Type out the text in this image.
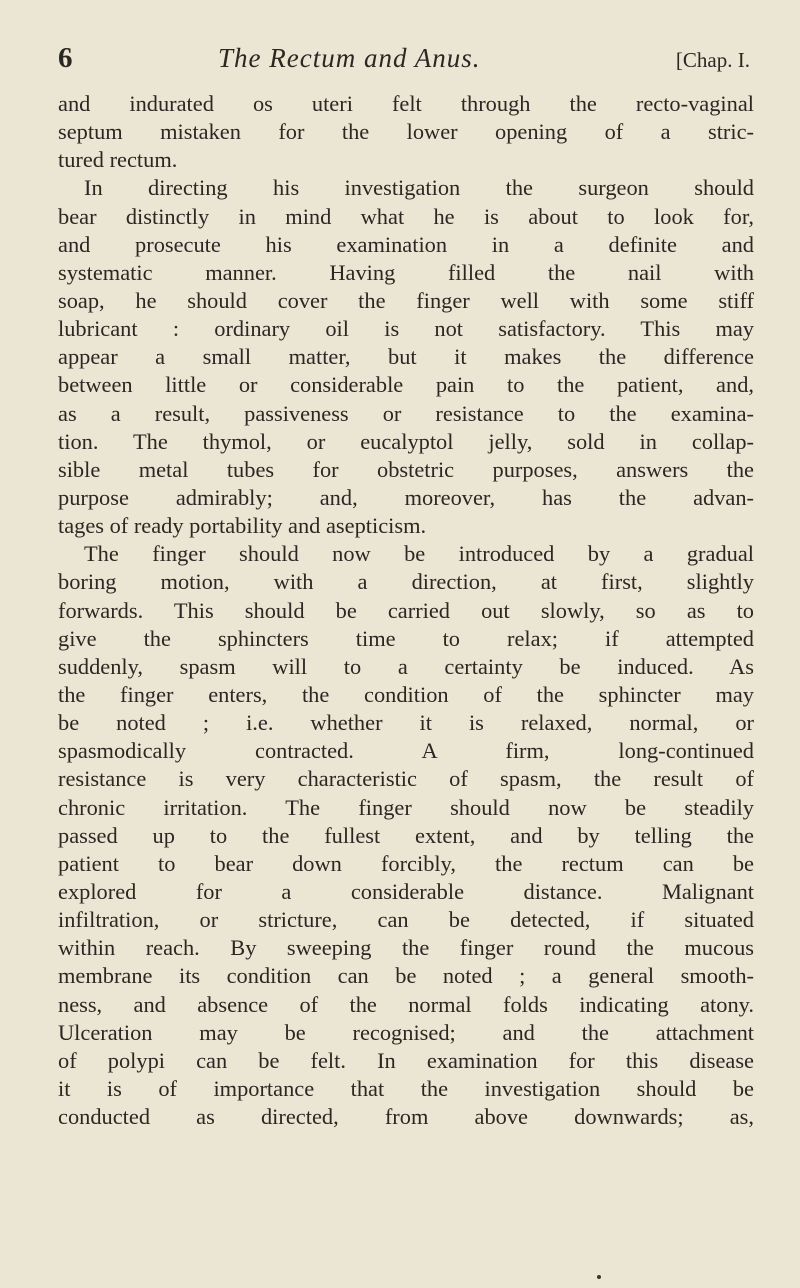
6	The Rectum and Anus.	[Chap. I.
and indurated os uteri felt through the recto-vaginal
septum mistaken for the lower opening of a stric-
tured rectum.
In directing his investigation the surgeon should
bear distinctly in mind what he is about to look for,
and prosecute his examination in a definite and
systematic manner. Having filled the nail with
soap, he should cover the finger well with some stiff
lubricant : ordinary oil is not satisfactory. This may
appear a small matter, but it makes the difference
between little or considerable pain to the patient, and,
as a result, passiveness or resistance to the examina-
tion. The thymol, or eucalyptol jelly, sold in collap-
sible metal tubes for obstetric purposes, answers the
purpose admirably; and, moreover, has the advan-
tages of ready portability and asepticism.
The finger should now be introduced by a gradual
boring motion, with a direction, at first, slightly
forwards. This should be carried out slowly, so as to
give the sphincters time to relax; if attempted
suddenly, spasm will to a certainty be induced. As
the finger enters, the condition of the sphincter may
be noted ; i.e. whether it is relaxed, normal, or
spasmodically contracted. A firm, long-continued
resistance is very characteristic of spasm, the result of
chronic irritation. The finger should now be steadily
passed up to the fullest extent, and by telling the
patient to bear down forcibly, the rectum can be
explored for a considerable distance. Malignant
infiltration, or stricture, can be detected, if situated
within reach. By sweeping the finger round the mucous
membrane its condition can be noted ; a general smooth-
ness, and absence of the normal folds indicating atony.
Ulceration may be recognised; and the attachment
of polypi can be felt. In examination for this disease
it is of importance that the investigation should be
conducted as directed, from above downwards; as,
